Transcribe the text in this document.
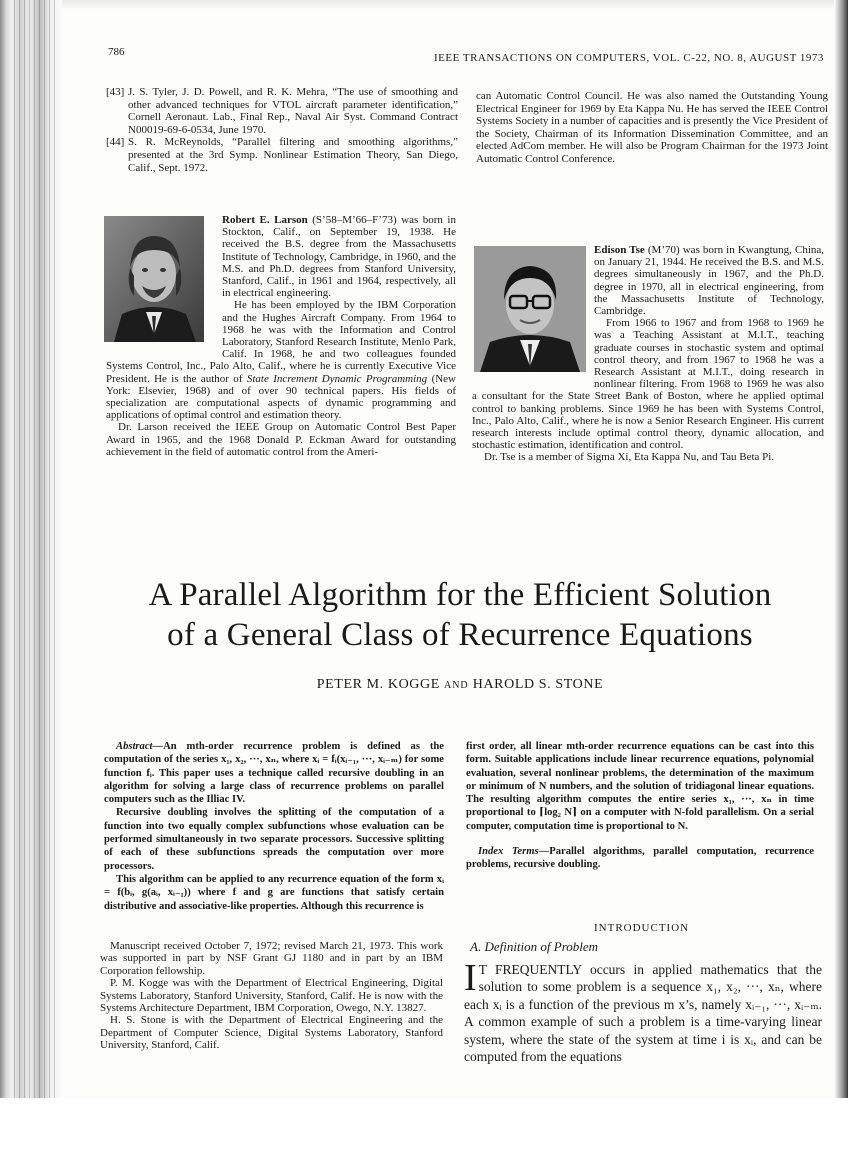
786	IEEE TRANSACTIONS ON COMPUTERS, VOL. C-22, NO. 8, AUGUST 1973
[43] J. S. Tyler, J. D. Powell, and R. K. Mehra, “The use of smoothing and other advanced techniques for VTOL aircraft parameter identification,” Cornell Aeronaut. Lab., Final Rep., Naval Air Syst. Command Contract N00019-69-6-0534, June 1970.
[44] S. R. McReynolds, “Parallel filtering and smoothing algorithms,” presented at the 3rd Symp. Nonlinear Estimation Theory, San Diego, Calif., Sept. 1972.
can Automatic Control Council. He was also named the Outstanding Young Electrical Engineer for 1969 by Eta Kappa Nu. He has served the IEEE Control Systems Society in a number of capacities and is presently the Vice President of the Society, Chairman of its Information Dissemination Committee, and an elected AdCom member. He will also be Program Chairman for the 1973 Joint Automatic Control Conference.
Robert E. Larson (S’58–M’66–F’73) was born in Stockton, Calif., on September 19, 1938. He received the B.S. degree from the Massachusetts Institute of Technology, Cambridge, in 1960, and the M.S. and Ph.D. degrees from Stanford University, Stanford, Calif., in 1961 and 1964, respectively, all in electrical engineering.
He has been employed by the IBM Corporation and the Hughes Aircraft Company. From 1964 to 1968 he was with the Information and Control Laboratory, Stanford Research Institute, Menlo Park, Calif. In 1968, he and two colleagues founded Systems Control, Inc., Palo Alto, Calif., where he is currently Executive Vice President. He is the author of State Increment Dynamic Programming (New York: Elsevier, 1968) and of over 90 technical papers. His fields of specialization are computational aspects of dynamic programming and applications of optimal control and estimation theory.
Dr. Larson received the IEEE Group on Automatic Control Best Paper Award in 1965, and the 1968 Donald P. Eckman Award for outstanding achievement in the field of automatic control from the Ameri-
Edison Tse (M’70) was born in Kwangtung, China, on January 21, 1944. He received the B.S. and M.S. degrees simultaneously in 1967, and the Ph.D. degree in 1970, all in electrical engineering, from the Massachusetts Institute of Technology, Cambridge.
From 1966 to 1967 and from 1968 to 1969 he was a Teaching Assistant at M.I.T., teaching graduate courses in stochastic system and optimal control theory, and from 1967 to 1968 he was a Research Assistant at M.I.T., doing research in nonlinear filtering. From 1968 to 1969 he was also a consultant for the State Street Bank of Boston, where he applied optimal control to banking problems. Since 1969 he has been with Systems Control, Inc., Palo Alto, Calif., where he is now a Senior Research Engineer. His current research interests include optimal control theory, dynamic allocation, and stochastic estimation, identification and control.
Dr. Tse is a member of Sigma Xi, Eta Kappa Nu, and Tau Beta Pi.
A Parallel Algorithm for the Efficient Solution
of a General Class of Recurrence Equations
PETER M. KOGGE AND HAROLD S. STONE

Abstract—An mth-order recurrence problem is defined as the computation of the series x₁, x₂, ···, xₙ, where xᵢ = fᵢ(xᵢ₋₁, ···, xᵢ₋ₘ) for some function fᵢ. This paper uses a technique called recursive doubling in an algorithm for solving a large class of recurrence problems on parallel computers such as the Illiac IV.

Recursive doubling involves the splitting of the computation of a function into two equally complex subfunctions whose evaluation can be performed simultaneously in two separate processors. Successive splitting of each of these subfunctions spreads the computation over more processors.

This algorithm can be applied to any recurrence equation of the form xᵢ = f(bᵢ, g(aᵢ, xᵢ₋₁)) where f and g are functions that satisfy certain distributive and associative-like properties. Although this recurrence is

first order, all linear mth-order recurrence equations can be cast into this form. Suitable applications include linear recurrence equations, polynomial evaluation, several nonlinear problems, the determination of the maximum or minimum of N numbers, and the solution of tridiagonal linear equations. The resulting algorithm computes the entire series x₁, ···, xₙ in time proportional to ⌈log₂ N⌉ on a computer with N-fold parallelism. On a serial computer, computation time is proportional to N.

Index Terms—Parallel algorithms, parallel computation, recurrence problems, recursive doubling.

Manuscript received October 7, 1972; revised March 21, 1973. This work was supported in part by NSF Grant GJ 1180 and in part by an IBM Corporation fellowship.

P. M. Kogge was with the Department of Electrical Engineering, Digital Systems Laboratory, Stanford University, Stanford, Calif. He is now with the Systems Architecture Department, IBM Corporation, Owego, N.Y. 13827.

H. S. Stone is with the Department of Electrical Engineering and the Department of Computer Science, Digital Systems Laboratory, Stanford University, Stanford, Calif.

INTRODUCTION
A. Definition of Problem
I T FREQUENTLY occurs in applied mathematics that the solution to some problem is a sequence x₁, x₂, ···, xₙ, where each xᵢ is a function of the previous m x’s, namely xᵢ₋₁, ···, xᵢ₋ₘ. A common example of such a problem is a time-varying linear system, where the state of the system at time i is xᵢ, and can be computed from the equations
